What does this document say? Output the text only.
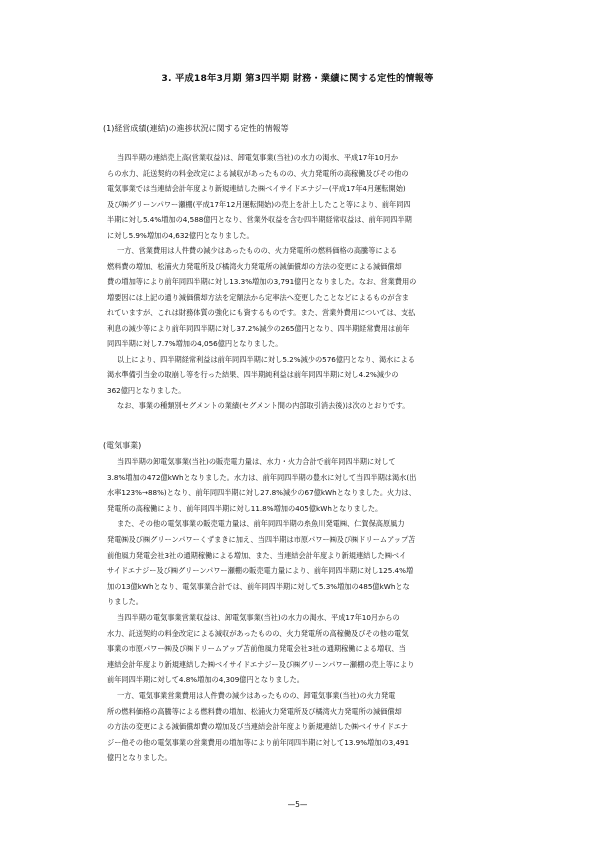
3. 平成18年3月期 第3四半期 財務・業績に関する定性的情報等
(1)経営成績(連結)の進捗状況に関する定性的情報等
当四半期の連結売上高(営業収益)は、卸電気事業(当社)の水力の渇水、平成17年10月か
らの水力、託送契約の料金改定による減収があったものの、火力発電所の高稼働及びその他の
電気事業では当連結会計年度より新規連結した㈱ベイサイドエナジー(平成17年4月運転開始)
及び㈱グリーンパワー瀬棚(平成17年12月運転開始)の売上を計上したこと等により、前年同四
半期に対し5.4%増加の4,588億円となり、営業外収益を含む四半期経常収益は、前年同四半期
に対し5.9%増加の4,632億円となりました。
一方、営業費用は人件費の減少はあったものの、火力発電所の燃料価格の高騰等による
燃料費の増加、松浦火力発電所及び橘湾火力発電所の減価償却の方法の変更による減価償却
費の増加等により前年同四半期に対し13.3%増加の3,791億円となりました。なお、営業費用の
増要因には上記の通り減価償却方法を定額法から定率法へ変更したことなどによるものが含ま
れていますが、これは財務体質の強化にも資するものです。また、営業外費用については、支払
利息の減少等により前年同四半期に対し37.2%減少の265億円となり、四半期経常費用は前年
同四半期に対し7.7%増加の4,056億円となりました。
以上により、四半期経常利益は前年同四半期に対し5.2%減少の576億円となり、渇水による
渇水準備引当金の取崩し等を行った結果、四半期純利益は前年同四半期に対し4.2%減少の
362億円となりました。
なお、事業の種類別セグメントの業績(セグメント間の内部取引消去後)は次のとおりです。
(電気事業)
当四半期の卸電気事業(当社)の販売電力量は、水力・火力合計で前年同四半期に対して
3.8%増加の472億kWhとなりました。水力は、前年同四半期の豊水に対して当四半期は渇水(出
水率123%→88%)となり、前年同四半期に対し27.8%減少の67億kWhとなりました。火力は、
発電所の高稼働により、前年同四半期に対し11.8%増加の405億kWhとなりました。
また、その他の電気事業の販売電力量は、前年同四半期の糸魚川発電㈱、仁賀保高原風力
発電㈱及び㈱グリーンパワーくずまきに加え、当四半期は市原パワー㈱及び㈱ドリームアップ苫
前他風力発電会社3社の通期稼働による増加、また、当連結会計年度より新規連結した㈱ベイ
サイドエナジー及び㈱グリーンパワー瀬棚の販売電力量により、前年同四半期に対し125.4%増
加の13億kWhとなり、電気事業合計では、前年同四半期に対して5.3%増加の485億kWhとな
りました。
当四半期の電気事業営業収益は、卸電気事業(当社)の水力の渇水、平成17年10月からの
水力、託送契約の料金改定による減収があったものの、火力発電所の高稼働及びその他の電気
事業の市原パワー㈱及び㈱ドリームアップ苫前他風力発電会社3社の通期稼働による増収、当
連結会計年度より新規連結した㈱ベイサイドエナジー及び㈱グリーンパワー瀬棚の売上等により
前年同四半期に対して4.8%増加の4,309億円となりました。
一方、電気事業営業費用は人件費の減少はあったものの、卸電気事業(当社)の火力発電
所の燃料価格の高騰等による燃料費の増加、松浦火力発電所及び橘湾火力発電所の減価償却
の方法の変更による減価償却費の増加及び当連結会計年度より新規連結した㈱ベイサイドエナ
ジー他その他の電気事業の営業費用の増加等により前年同四半期に対して13.9%増加の3,491
億円となりました。
—5—
